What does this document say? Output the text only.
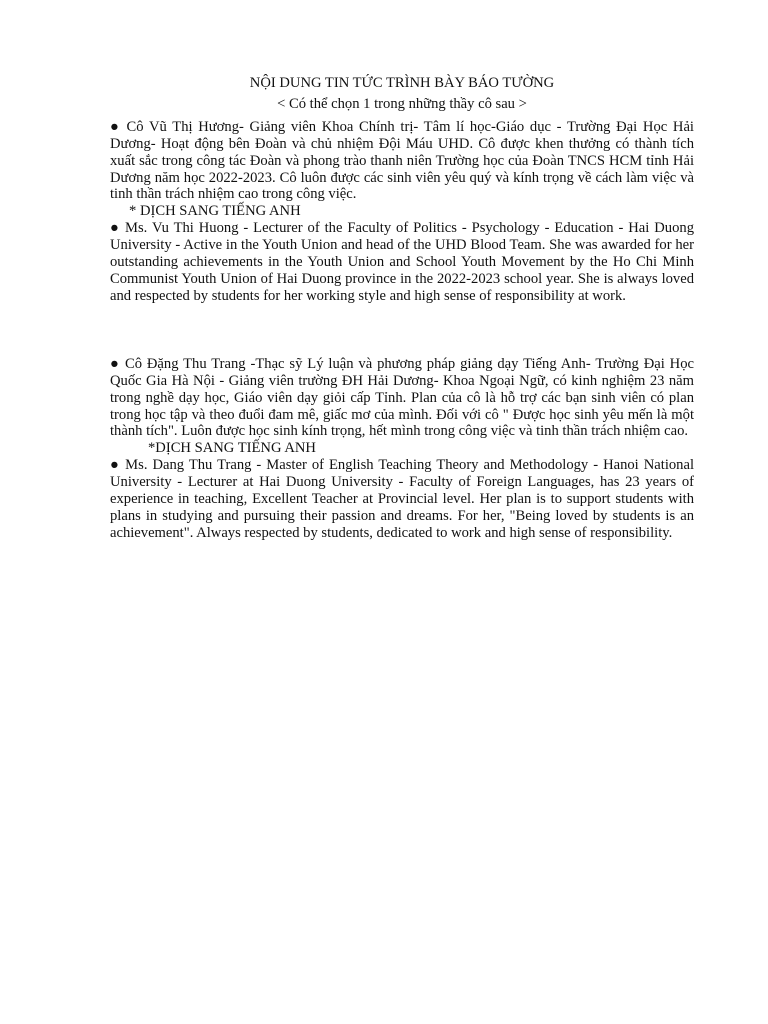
NỘI DUNG TIN TỨC TRÌNH BÀY BÁO TƯỜNG

< Có thể chọn 1 trong những thầy cô sau >

● Cô Vũ Thị Hương- Giảng viên Khoa Chính trị- Tâm lí học-Giáo dục - Trường Đại Học Hải Dương- Hoạt động bên Đoàn và chủ nhiệm Đội Máu UHD. Cô được khen thưởng có thành tích xuất sắc trong công tác Đoàn và phong trào thanh niên Trường học của Đoàn TNCS HCM tỉnh Hải Dương năm học 2022-2023. Cô luôn được các sinh viên yêu quý và kính trọng về cách làm việc và tinh thần trách nhiệm cao trong công việc.

* DỊCH SANG TIẾNG ANH

● Ms. Vu Thi Huong - Lecturer of the Faculty of Politics - Psychology - Education - Hai Duong University - Active in the Youth Union and head of the UHD Blood Team. She was awarded for her outstanding achievements in the Youth Union and School Youth Movement by the Ho Chi Minh Communist Youth Union of Hai Duong province in the 2022-2023 school year. She is always loved and respected by students for her working style and high sense of responsibility at work.

● Cô Đặng Thu Trang -Thạc sỹ Lý luận và phương pháp giảng dạy Tiếng Anh- Trường Đại Học Quốc Gia Hà Nội - Giảng viên trường ĐH Hải Dương- Khoa Ngoại Ngữ, có kinh nghiệm 23 năm trong nghề dạy học, Giáo viên dạy giỏi cấp Tỉnh. Plan của cô là hỗ trợ các bạn sinh viên có plan trong học tập và theo đuổi đam mê, giấc mơ của mình. Đối với cô " Được học sinh yêu mến là một thành tích". Luôn được học sinh kính trọng, hết mình trong công việc và tinh thần trách nhiệm cao.

*DỊCH SANG TIẾNG ANH

● Ms. Dang Thu Trang - Master of English Teaching Theory and Methodology - Hanoi National University - Lecturer at Hai Duong University - Faculty of Foreign Languages, has 23 years of experience in teaching, Excellent Teacher at Provincial level. Her plan is to support students with plans in studying and pursuing their passion and dreams. For her, "Being loved by students is an achievement". Always respected by students, dedicated to work and high sense of responsibility.
